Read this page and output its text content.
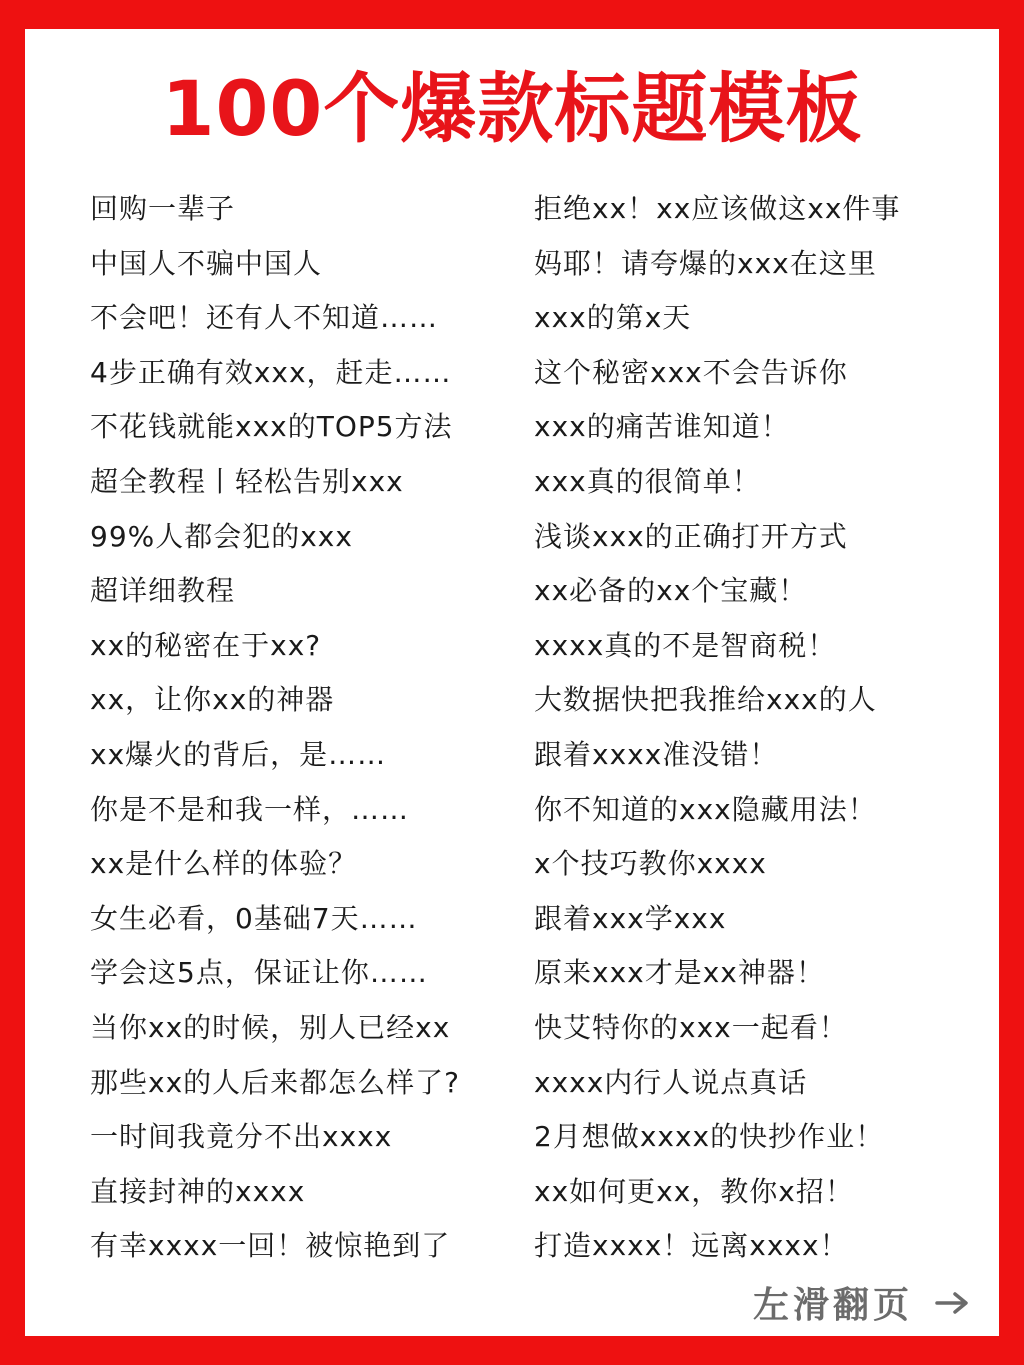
100个爆款标题模板
回购一辈子
中国人不骗中国人
不会吧！还有人不知道……
4步正确有效xxx，赶走……
不花钱就能xxx的TOP5方法
超全教程丨轻松告别xxx
99%人都会犯的xxx
超详细教程
xx的秘密在于xx?
xx，让你xx的神器
xx爆火的背后，是……
你是不是和我一样，……
xx是什么样的体验？
女生必看，0基础7天……
学会这5点，保证让你……
当你xx的时候，别人已经xx
那些xx的人后来都怎么样了?
一时间我竟分不出xxxx
直接封神的xxxx
有幸xxxx一回！被惊艳到了
拒绝xx！xx应该做这xx件事
妈耶！请夸爆的xxx在这里
xxx的第x天
这个秘密xxx不会告诉你
xxx的痛苦谁知道！
xxx真的很简单！
浅谈xxx的正确打开方式
xx必备的xx个宝藏！
xxxx真的不是智商税！
大数据快把我推给xxx的人
跟着xxxx准没错！
你不知道的xxx隐藏用法！
x个技巧教你xxxx
跟着xxx学xxx
原来xxx才是xx神器！
快艾特你的xxx一起看！
xxxx内行人说点真话
2月想做xxxx的快抄作业！
xx如何更xx，教你x招！
打造xxxx！远离xxxx！
左滑翻页
